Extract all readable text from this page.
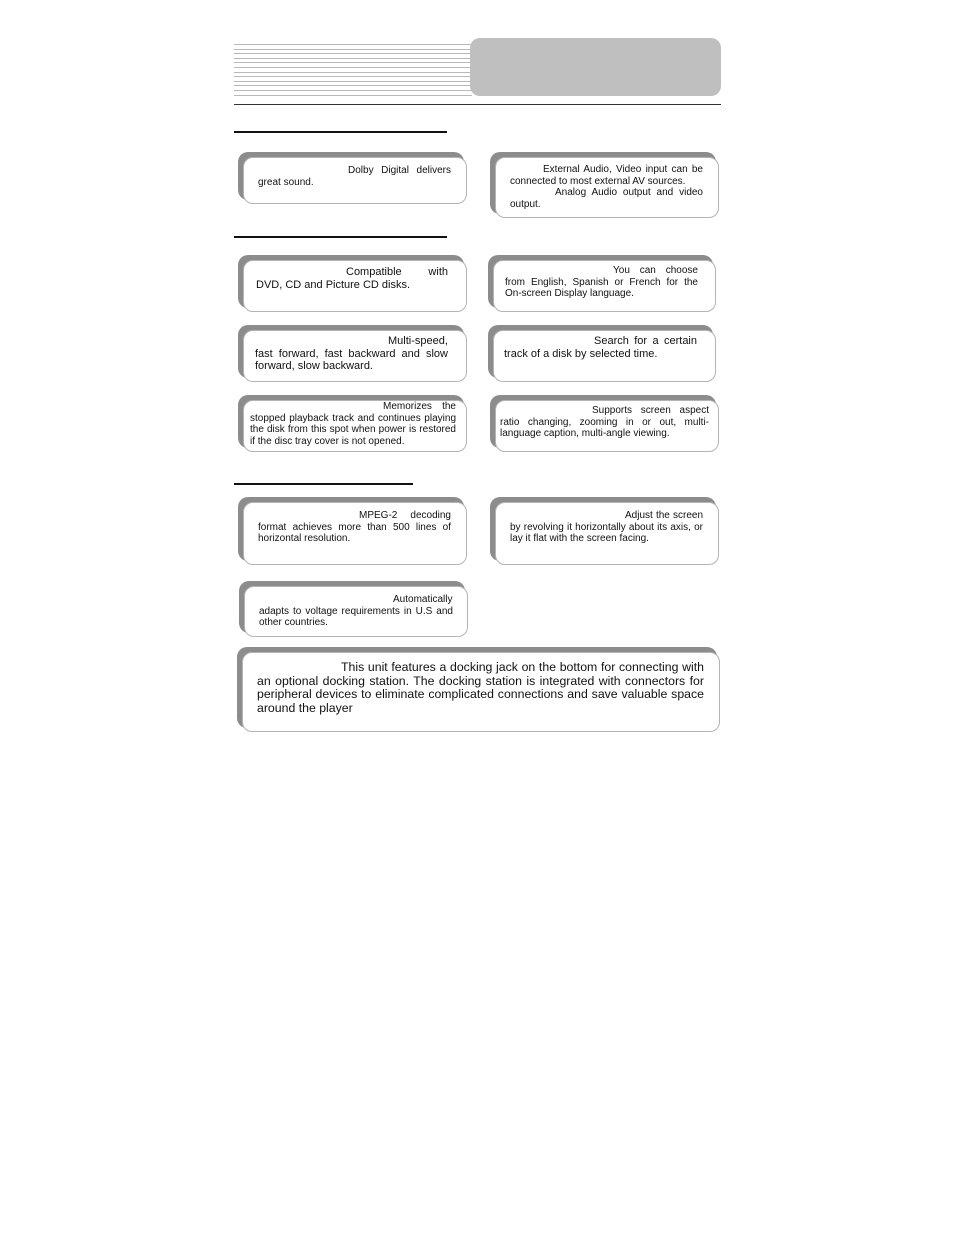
Dolby Digital delivers great sound.
External Audio, Video input can be connected to most external AV sources.
Analog Audio output and video output.
Compatible with DVD, CD and Picture CD disks.
You can choose from English, Spanish or French for the On-screen Display language.
Multi-speed, fast forward, fast backward and slow forward, slow backward.
Search for a certain track of a disk by selected time.
Memorizes the stopped playback track and continues playing the disk from this spot when power is restored if the disc tray cover is not opened.
Supports screen aspect ratio changing, zooming in or out, multi-language caption, multi-angle viewing.
MPEG-2 decoding format achieves more than 500 lines of horizontal resolution.
Adjust the screen by revolving it horizontally about its axis, or lay it flat with the screen facing.
Automatically adapts to voltage requirements in U.S and other countries.
This unit features a docking jack on the bottom for connecting with an optional docking station. The docking station is integrated with connectors for peripheral devices to eliminate complicated connections and save valuable space around the player
